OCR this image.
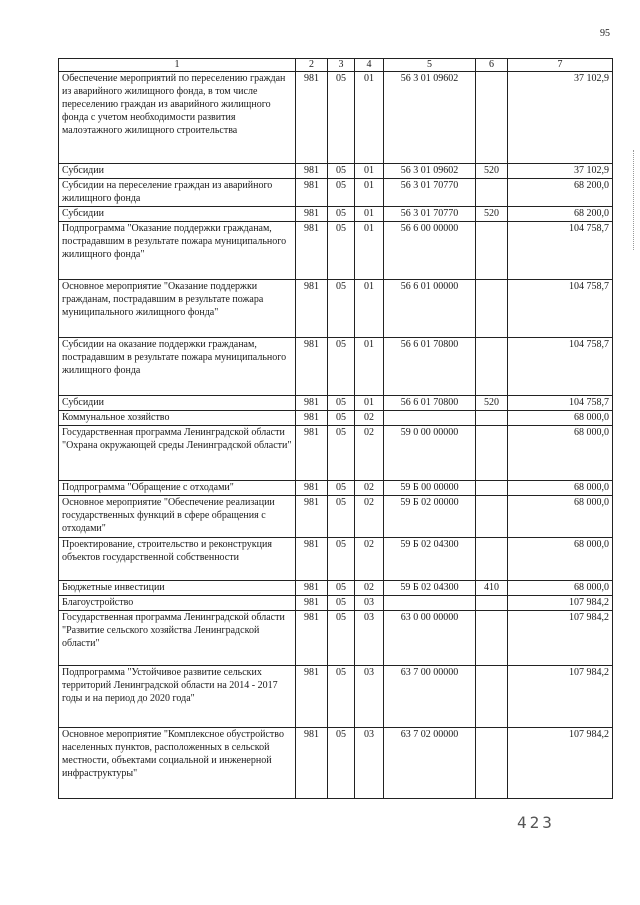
95
1	2	3	4	5	6	7
Обеспечение мероприятий по переселению граждан из аварийного жилищного фонда, в том числе переселению граждан из аварийного жилищного фонда с учетом необходимости развития малоэтажного жилищного строительства	981	05	01	56 3 01 09602		37 102,9
Субсидии	981	05	01	56 3 01 09602	520	37 102,9
Субсидии на переселение граждан из аварийного жилищного фонда	981	05	01	56 3 01 70770		68 200,0
Субсидии	981	05	01	56 3 01 70770	520	68 200,0
Подпрограмма "Оказание поддержки гражданам, пострадавшим в результате пожара муниципального жилищного фонда"	981	05	01	56 6 00 00000		104 758,7
Основное мероприятие "Оказание поддержки гражданам, пострадавшим в результате пожара муниципального жилищного фонда"	981	05	01	56 6 01 00000		104 758,7
Субсидии на оказание поддержки гражданам, пострадавшим в результате пожара муниципального жилищного фонда	981	05	01	56 6 01 70800		104 758,7
Субсидии	981	05	01	56 6 01 70800	520	104 758,7
Коммунальное хозяйство	981	05	02			68 000,0
Государственная программа Ленинградской области "Охрана окружающей среды Ленинградской области"	981	05	02	59 0 00 00000		68 000,0
Подпрограмма "Обращение с отходами"	981	05	02	59 Б 00 00000		68 000,0
Основное мероприятие "Обеспечение реализации государственных функций в сфере обращения с отходами"	981	05	02	59 Б 02 00000		68 000,0
Проектирование, строительство и реконструкция объектов государственной собственности	981	05	02	59 Б 02 04300		68 000,0
Бюджетные инвестиции	981	05	02	59 Б 02 04300	410	68 000,0
Благоустройство	981	05	03			107 984,2
Государственная программа Ленинградской области "Развитие сельского хозяйства Ленинградской области"	981	05	03	63 0 00 00000		107 984,2
Подпрограмма "Устойчивое развитие сельских территорий Ленинградской области на 2014 - 2017 годы и на период до 2020 года"	981	05	03	63 7 00 00000		107 984,2
Основное мероприятие "Комплексное обустройство населенных пунктов, расположенных в сельской местности, объектами социальной и инженерной инфраструктуры"	981	05	03	63 7 02 00000		107 984,2
423
